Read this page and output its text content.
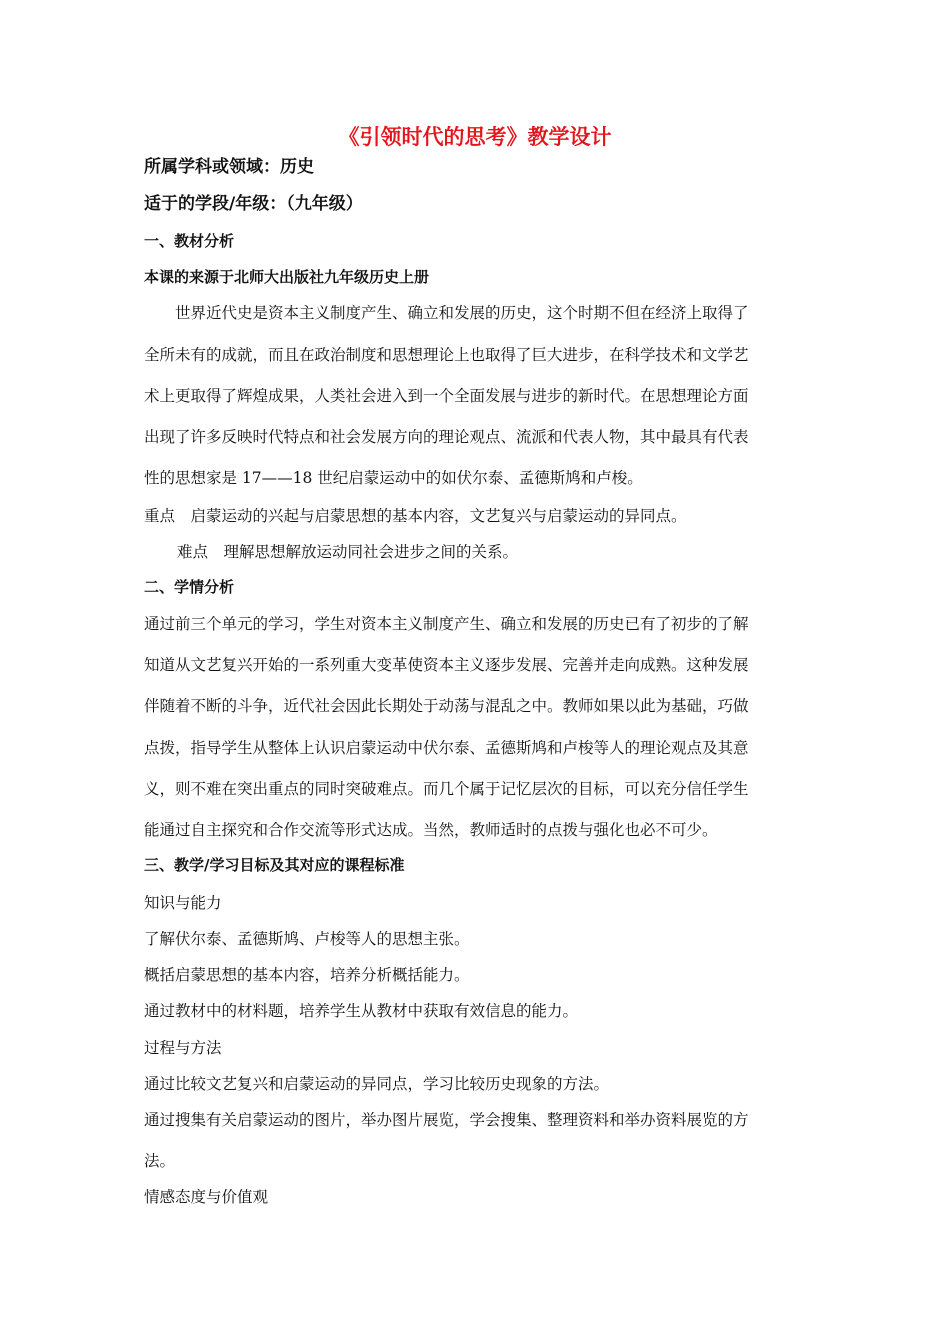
《引领时代的思考》教学设计
所属学科或领域：历史
适于的学段/年级：（九年级）
一、教材分析
本课的来源于北师大出版社九年级历史上册
世界近代史是资本主义制度产生、确立和发展的历史，这个时期不但在经济上取得了
全所未有的成就，而且在政治制度和思想理论上也取得了巨大进步，在科学技术和文学艺
术上更取得了辉煌成果，人类社会进入到一个全面发展与进步的新时代。在思想理论方面
出现了许多反映时代特点和社会发展方向的理论观点、流派和代表人物，其中最具有代表
性的思想家是 17——18 世纪启蒙运动中的如伏尔泰、孟德斯鸠和卢梭。
重点　启蒙运动的兴起与启蒙思想的基本内容，文艺复兴与启蒙运动的异同点。
难点　理解思想解放运动同社会进步之间的关系。
二、学情分析
通过前三个单元的学习，学生对资本主义制度产生、确立和发展的历史已有了初步的了解
知道从文艺复兴开始的一系列重大变革使资本主义逐步发展、完善并走向成熟。这种发展
伴随着不断的斗争，近代社会因此长期处于动荡与混乱之中。教师如果以此为基础，巧做
点拨，指导学生从整体上认识启蒙运动中伏尔泰、孟德斯鸠和卢梭等人的理论观点及其意
义，则不难在突出重点的同时突破难点。而几个属于记忆层次的目标，可以充分信任学生
能通过自主探究和合作交流等形式达成。当然，教师适时的点拨与强化也必不可少。
三、教学/学习目标及其对应的课程标准
知识与能力
了解伏尔泰、孟德斯鸠、卢梭等人的思想主张。
概括启蒙思想的基本内容，培养分析概括能力。
通过教材中的材料题，培养学生从教材中获取有效信息的能力。
过程与方法
通过比较文艺复兴和启蒙运动的异同点，学习比较历史现象的方法。
通过搜集有关启蒙运动的图片，举办图片展览，学会搜集、整理资料和举办资料展览的方
法。
情感态度与价值观
